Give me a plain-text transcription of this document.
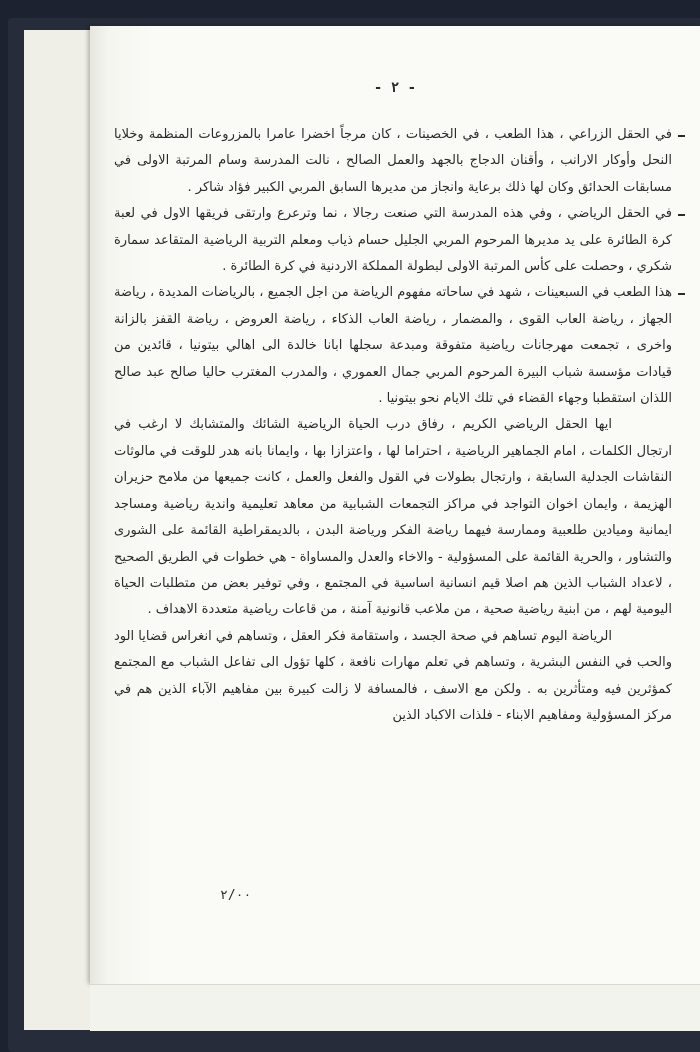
- ٢ -

في الحقل الزراعي ، هذا الطعب ، في الخصينات ، كان مرجاً اخضرا عامرا بالمزروعات المنظمة وخلايا النحل وأوكار الارانب ، وأقنان الدجاج بالجهد والعمل الصالح ، نالت المدرسة وسام المرتبة الاولى في مسابقات الحدائق وكان لها ذلك برعاية وانجاز من مديرها السابق المربي الكبير فؤاد شاكر .

في الحقل الرياضي ، وفي هذه المدرسة التي صنعت رجالا ، نما وترعرع وارتقى فريقها الاول في لعبة كرة الطائرة على يد مديرها المرحوم المربي الجليل حسام ذياب ومعلم التربية الرياضية المتقاعد سمارة شكري ، وحصلت على كأس المرتبة الاولى لبطولة المملكة الاردنية في كرة الطائرة .

هذا الطعب في السبعينات ، شهد في ساحاته مفهوم الرياضة من اجل الجميع ، بالرياضات المديدة ، رياضة الجهاز ، رياضة العاب القوى ، والمضمار ، رياضة العاب الذكاء ، رياضة العروض ، رياضة القفز بالزانة واخرى ، تجمعت مهرجانات رياضية متفوقة ومبدعة سجلها ابانا خالدة الى اهالي بيتونيا ، قائدين من قيادات مؤسسة شباب البيرة المرحوم المربي جمال العموري ، والمدرب المغترب حاليا صالح عبد صالح اللذان استقطبا وجهاء القضاء في تلك الايام نحو بيتونيا .

ايها الحقل الرياضي الكريم ، رفاق درب الحياة الرياضية الشائك والمتشابك لا ارغب في ارتجال الكلمات ، امام الجماهير الرياضية ، احتراما لها ، واعتزازا بها ، وايمانا بانه هدر للوقت في مالوثات النقاشات الجدلية السابقة ، وارتجال بطولات في القول والفعل والعمل ، كانت جميعها من ملامح حزيران الهزيمة ، وايمان اخوان التواجد في مراكز التجمعات الشبابية من معاهد تعليمية واندية رياضية ومساجد ايمانية وميادين طلعبية وممارسة فيهما رياضة الفكر ورياضة البدن ، بالديمقراطية القائمة على الشورى والتشاور ، والحرية القائمة على المسؤولية - والاخاء والعدل والمساواة - هي خطوات في الطريق الصحيح ، لاعداد الشباب الذين هم اصلا قيم انسانية اساسية في المجتمع ، وفي توفير بعض من متطلبات الحياة اليومية لهم ، من ابنية رياضية صحية ، من ملاعب قانونية آمنة ، من قاعات رياضية متعددة الاهداف .

الرياضة اليوم تساهم في صحة الجسد ، واستقامة فكر العقل ، وتساهم في انغراس قضايا الود والحب في النفس البشرية ، وتساهم في تعلم مهارات نافعة ، كلها تؤول الى تفاعل الشباب مع المجتمع كمؤثرين فيه ومتأثرين به . ولكن مع الاسف ، فالمسافة لا زالت كبيرة بين مفاهيم الآباء الذين هم في مركز المسؤولية ومفاهيم الابناء - فلذات الاكباد الذين

٢/٠٠
